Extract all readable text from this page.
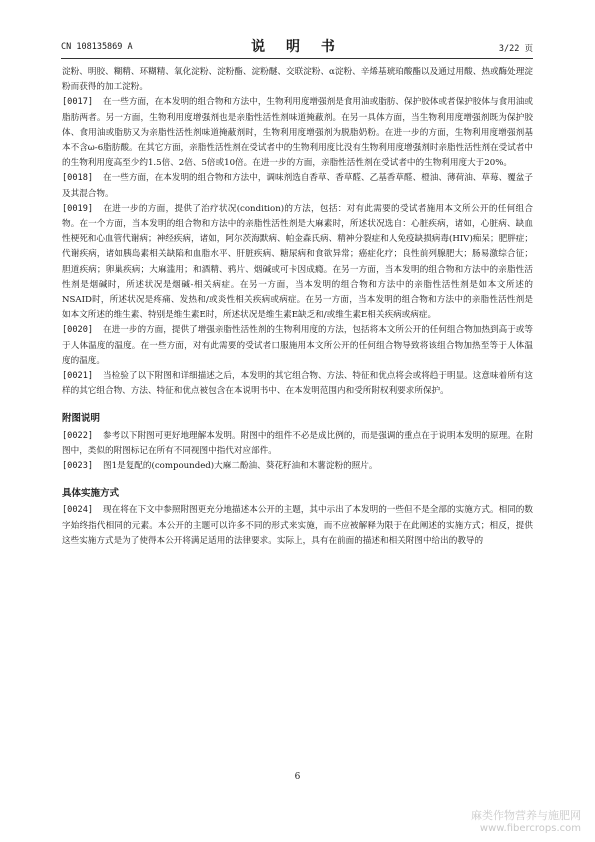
CN 108135869 A	说 明 书	3/22 页

淀粉、明胶、糊精、环糊精、氧化淀粉、淀粉酯、淀粉醚、交联淀粉、α淀粉、辛烯基琥珀酸酯以及通过用酸、热或酶处理淀粉而获得的加工淀粉。

[0017] 在一些方面，在本发明的组合物和方法中，生物利用度增强剂是食用油或脂肪、保护胶体或者保护胶体与食用油或脂肪两者。另一方面，生物利用度增强剂也是亲脂性活性剂味道掩蔽剂。在另一具体方面，当生物利用度增强剂既为保护胶体、食用油或脂肪又为亲脂性活性剂味道掩蔽剂时，生物利用度增强剂为脱脂奶粉。在进一步的方面，生物利用度增强剂基本不含ω-6脂肪酸。在其它方面，亲脂性活性剂在受试者中的生物利用度比没有生物利用度增强剂时亲脂性活性剂在受试者中的生物利用度高至少约1.5倍、2倍、5倍或10倍。在进一步的方面，亲脂性活性剂在受试者中的生物利用度大于20%。

[0018] 在一些方面，在本发明的组合物和方法中，调味剂选自香草、香草醛、乙基香草醛、橙油、薄荷油、草莓、覆盆子及其混合物。

[0019] 在进一步的方面，提供了治疗状况(condition)的方法，包括：对有此需要的受试者施用本文所公开的任何组合物。在一个方面，当本发明的组合物和方法中的亲脂性活性剂是大麻素时，所述状况选自：心脏疾病，诸如，心脏病、缺血性梗死和心血管代谢病；神经疾病，诸如，阿尔茨海默病、帕金森氏病、精神分裂症和人免疫缺损病毒(HIV)痴呆；肥胖症；代谢疾病，诸如胰岛素相关缺陷和血脂水平、肝脏疾病、糖尿病和食欲异常；癌症化疗；良性前列腺肥大；肠易激综合征；胆道疾病；卵巢疾病；大麻滥用；和酒精、鸦片、烟碱或可卡因成瘾。在另一方面，当本发明的组合物和方法中的亲脂性活性剂是烟碱时，所述状况是烟碱-相关病症。在另一方面，当本发明的组合物和方法中的亲脂性活性剂是如本文所述的NSAID时，所述状况是疼痛、发热和/或炎性相关疾病或病症。在另一方面，当本发明的组合物和方法中的亲脂性活性剂是如本文所述的维生素、特别是维生素E时，所述状况是维生素E缺乏和/或维生素E相关疾病或病症。

[0020] 在进一步的方面，提供了增强亲脂性活性剂的生物利用度的方法，包括将本文所公开的任何组合物加热到高于或等于人体温度的温度。在一些方面，对有此需要的受试者口服施用本文所公开的任何组合物导致将该组合物加热至等于人体温度的温度。

[0021] 当检验了以下附图和详细描述之后，本发明的其它组合物、方法、特征和优点将会或将趋于明显。这意味着所有这样的其它组合物、方法、特征和优点被包含在本说明书中、在本发明范围内和受所附权利要求所保护。

附图说明

[0022] 参考以下附图可更好地理解本发明。附图中的组件不必是成比例的，而是强调的重点在于说明本发明的原理。在附图中，类似的附图标记在所有不同视图中指代对应部件。

[0023] 图1是复配的(compounded)大麻二酚油、葵花籽油和木薯淀粉的照片。

具体实施方式

[0024] 现在将在下文中参照附图更充分地描述本公开的主题，其中示出了本发明的一些但不是全部的实施方式。相同的数字始终指代相同的元素。本公开的主题可以许多不同的形式来实施，而不应被解释为限于在此阐述的实施方式；相反，提供这些实施方式是为了使得本公开将满足适用的法律要求。实际上，具有在前面的描述和相关附图中给出的教导的

6
麻类作物营养与施肥网
www.fibercrops.com
